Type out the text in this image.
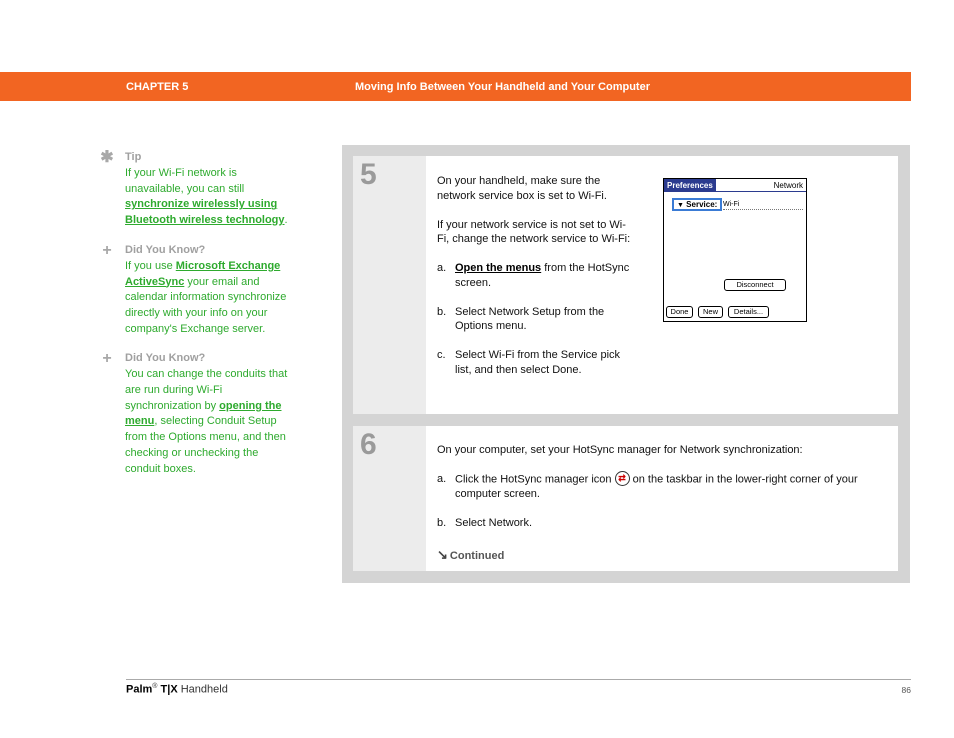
CHAPTER 5	Moving Info Between Your Handheld and Your Computer
✱ Tip
If your Wi-Fi network is unavailable, you can still synchronize wirelessly using Bluetooth wireless technology.
+ Did You Know?
If you use Microsoft Exchange ActiveSync your email and calendar information synchronize directly with your info on your company's Exchange server.
+ Did You Know?
You can change the conduits that are run during Wi-Fi synchronization by opening the menu, selecting Conduit Setup from the Options menu, and then checking or unchecking the conduit boxes.
5	On your handheld, make sure the network service box is set to Wi-Fi.
If your network service is not set to Wi-Fi, change the network service to Wi-Fi:
a. Open the menus from the HotSync screen.
b. Select Network Setup from the Options menu.
c. Select Wi-Fi from the Service pick list, and then select Done.
Preferences	Network
▼ Service: Wi-Fi
Disconnect
Done	New	Details...
6	On your computer, set your HotSync manager for Network synchronization:
a. Click the HotSync manager icon ⇄ on the taskbar in the lower-right corner of your computer screen.
b. Select Network.
↘ Continued
Palm® T|X Handheld	86
